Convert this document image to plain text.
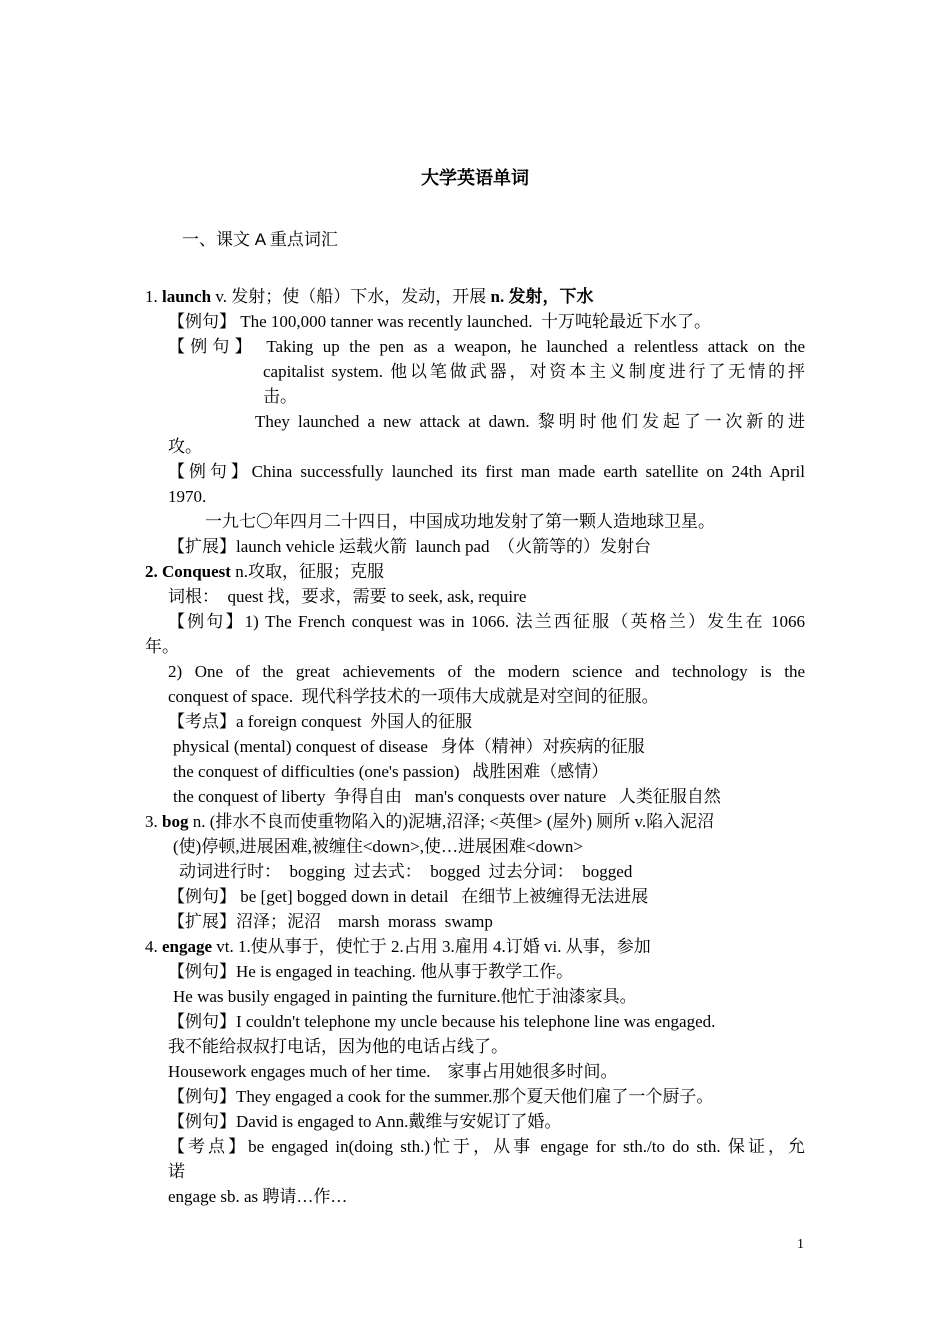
大学英语单词
一、课文 A 重点词汇
1. launch v. 发射；使（船）下水，发动，开展 n. 发射，下水
【例句】 The 100,000 tanner was recently launched.  十万吨轮最近下水了。
【例句】 Taking up the pen as a weapon, he launched a relentless attack on the
capitalist system. 他以笔做武器，对资本主义制度进行了无情的抨
击。
They launched a new attack at dawn. 黎明时他们发起了一次新的进
攻。
【例句】China successfully launched its first man made earth satellite on 24th April
1970.
一九七〇年四月二十四日，中国成功地发射了第一颗人造地球卫星。
【扩展】launch vehicle 运载火箭  launch pad  （火箭等的）发射台
2. Conquest n.攻取，征服；克服
词根：  quest 找，要求，需要 to seek, ask, require
【例句】1) The French conquest was in 1066. 法兰西征服（英格兰）发生在 1066
年。
2) One of the great achievements of the modern science and technology is the
conquest of space.  现代科学技术的一项伟大成就是对空间的征服。
【考点】a foreign conquest  外国人的征服
physical (mental) conquest of disease   身体（精神）对疾病的征服
the conquest of difficulties (one's passion)   战胜困难（感情）
the conquest of liberty  争得自由   man's conquests over nature   人类征服自然
3. bog n. (排水不良而使重物陷入的)泥塘,沼泽; <英俚> (屋外) 厕所 v.陷入泥沼
(使)停顿,进展困难,被缠住<down>,使…进展困难<down>
动词进行时：  bogging  过去式：  bogged  过去分词：  bogged
【例句】 be [get] bogged down in detail   在细节上被缠得无法进展
【扩展】沼泽；泥沼    marsh  morass  swamp
4. engage vt. 1.使从事于，使忙于 2.占用 3.雇用 4.订婚 vi. 从事，参加
【例句】He is engaged in teaching. 他从事于教学工作。
He was busily engaged in painting the furniture.他忙于油漆家具。
【例句】I couldn't telephone my uncle because his telephone line was engaged.
我不能给叔叔打电话，因为他的电话占线了。
Housework engages much of her time.    家事占用她很多时间。
【例句】They engaged a cook for the summer.那个夏天他们雇了一个厨子。
【例句】David is engaged to Ann.戴维与安妮订了婚。
【考点】be engaged in(doing sth.)忙于，从事 engage for sth./to do sth. 保证，允
诺
engage sb. as 聘请…作…
1
